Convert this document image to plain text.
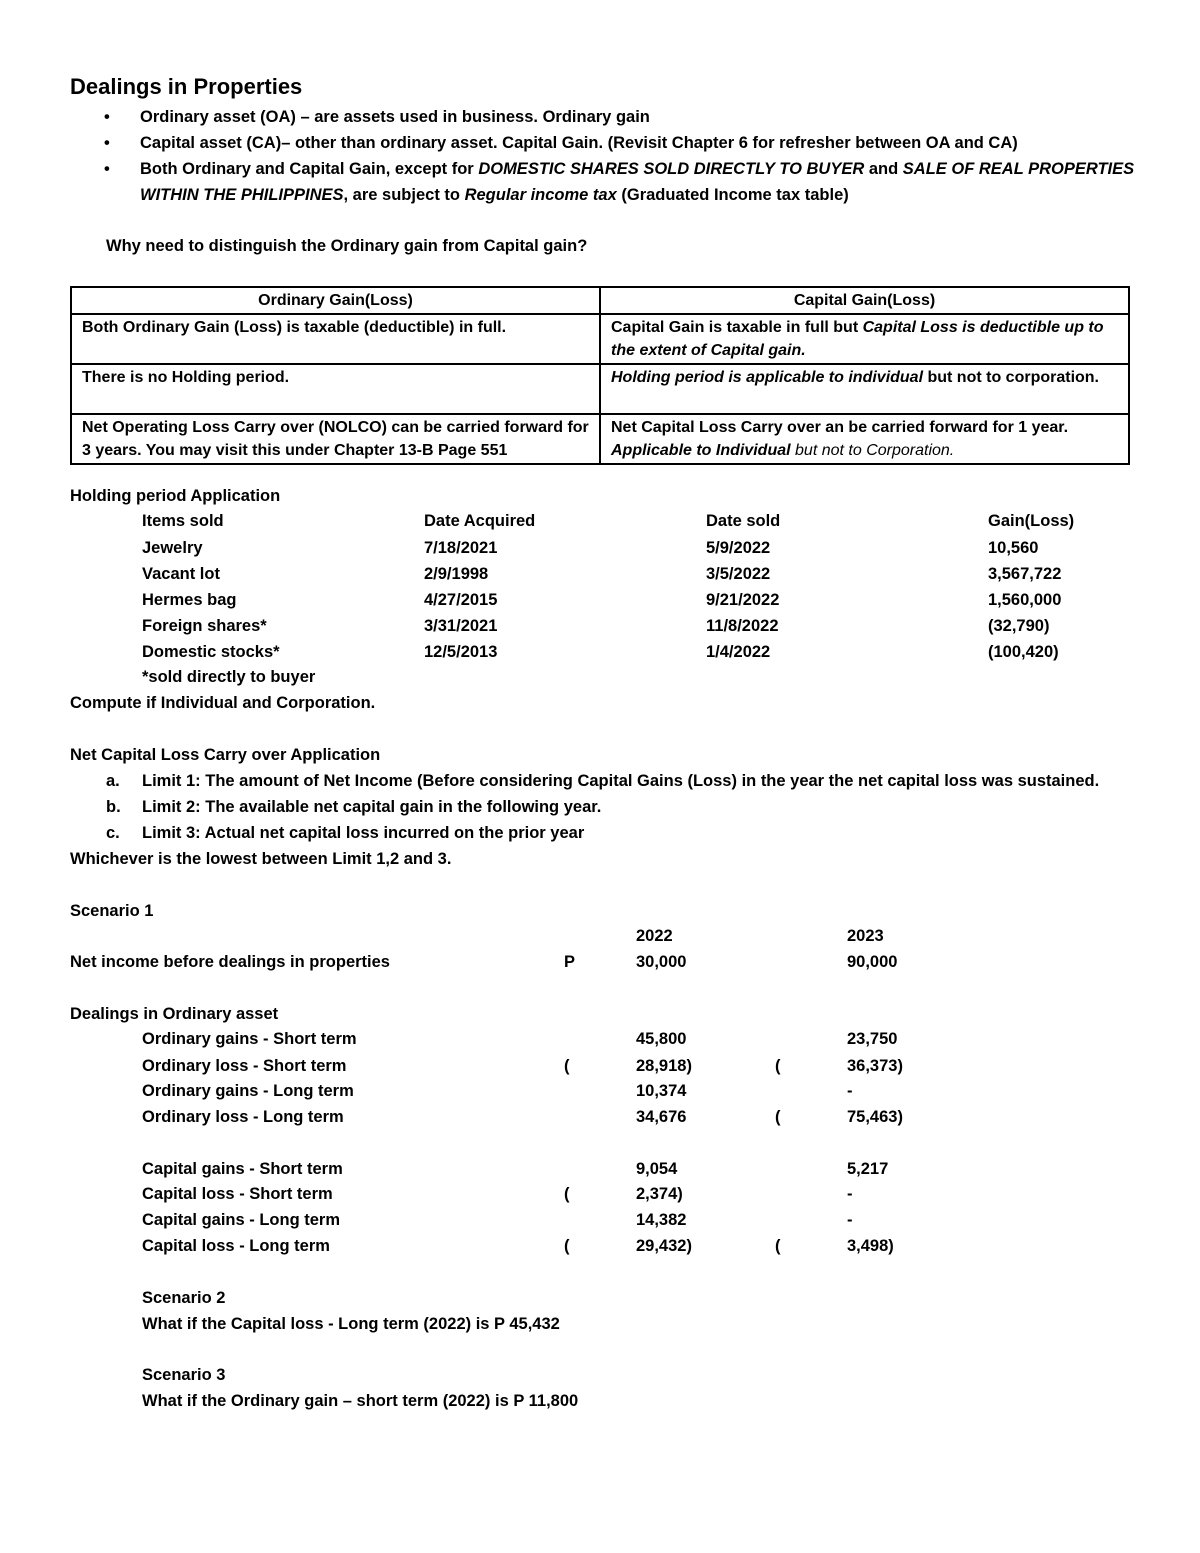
Dealings in Properties
• Ordinary asset (OA) – are assets used in business. Ordinary gain
• Capital asset (CA)– other than ordinary asset. Capital Gain. (Revisit Chapter 6 for refresher between OA and CA)
• Both Ordinary and Capital Gain, except for DOMESTIC SHARES SOLD DIRECTLY TO BUYER and SALE OF REAL PROPERTIES
WITHIN THE PHILIPPINES, are subject to Regular income tax (Graduated Income tax table)
Why need to distinguish the Ordinary gain from Capital gain?
Ordinary Gain(Loss)	Capital Gain(Loss)
Both Ordinary Gain (Loss) is taxable (deductible) in full.	Capital Gain is taxable in full but Capital Loss is deductible up to the extent of Capital gain.
There is no Holding period.	Holding period is applicable to individual but not to corporation.
Net Operating Loss Carry over (NOLCO) can be carried forward for 3 years. You may visit this under Chapter 13-B Page 551	Net Capital Loss Carry over an be carried forward for 1 year.
Applicable to Individual but not to Corporation.
Holding period Application
Items sold	Date Acquired	Date sold	Gain(Loss)
Jewelry	7/18/2021	5/9/2022	10,560
Vacant lot	2/9/1998	3/5/2022	3,567,722
Hermes bag	4/27/2015	9/21/2022	1,560,000
Foreign shares*	3/31/2021	11/8/2022	(32,790)
Domestic stocks*	12/5/2013	1/4/2022	(100,420)
*sold directly to buyer
Compute if Individual and Corporation.
Net Capital Loss Carry over Application
a. Limit 1: The amount of Net Income (Before considering Capital Gains (Loss) in the year the net capital loss was sustained.
b. Limit 2: The available net capital gain in the following year.
c. Limit 3: Actual net capital loss incurred on the prior year
Whichever is the lowest between Limit 1,2 and 3.
Scenario 1
2022	2023
Net income before dealings in properties	P	30,000	90,000
Dealings in Ordinary asset
Ordinary gains - Short term	45,800	23,750
Ordinary loss - Short term	(	28,918)	(	36,373)
Ordinary gains - Long term	10,374	-
Ordinary loss - Long term	34,676	(	75,463)
Capital gains - Short term	9,054	5,217
Capital loss - Short term	(	2,374)	-
Capital gains - Long term	14,382	-
Capital loss - Long term	(	29,432)	(	3,498)
Scenario 2
What if the Capital loss - Long term (2022) is P 45,432
Scenario 3
What if the Ordinary gain – short term (2022) is P 11,800
